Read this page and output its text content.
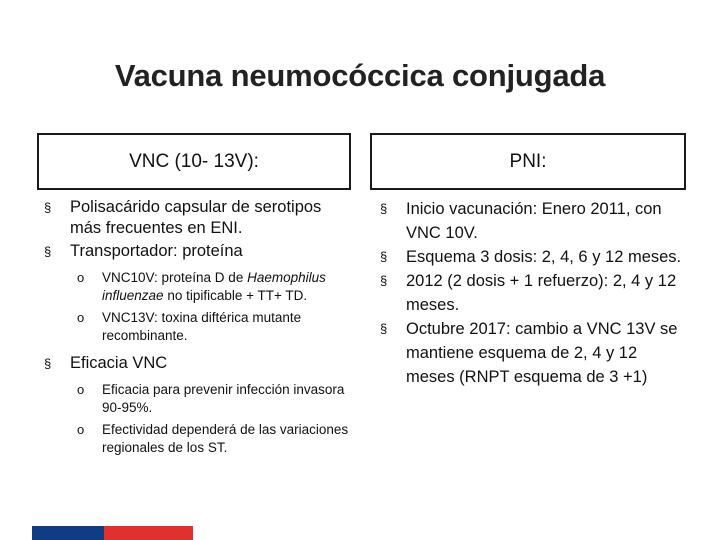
Vacuna neumocóccica conjugada
VNC (10- 13V):	PNI:
§ Polisacárido capsular de serotipos más frecuentes en ENI.
§ Transportador: proteína
o VNC10V: proteína D de Haemophilus influenzae no tipificable + TT+ TD.
o VNC13V: toxina diftérica mutante recombinante.
§ Eficacia VNC
o Eficacia para prevenir infección invasora 90-95%.
o Efectividad dependerá de las variaciones regionales de los ST.
§ Inicio vacunación: Enero 2011, con VNC 10V.
§ Esquema 3 dosis: 2, 4, 6 y 12 meses.
§ 2012 (2 dosis + 1 refuerzo): 2, 4 y 12 meses.
§ Octubre 2017: cambio a VNC 13V se mantiene esquema de 2, 4 y 12 meses (RNPT esquema de 3 +1)
